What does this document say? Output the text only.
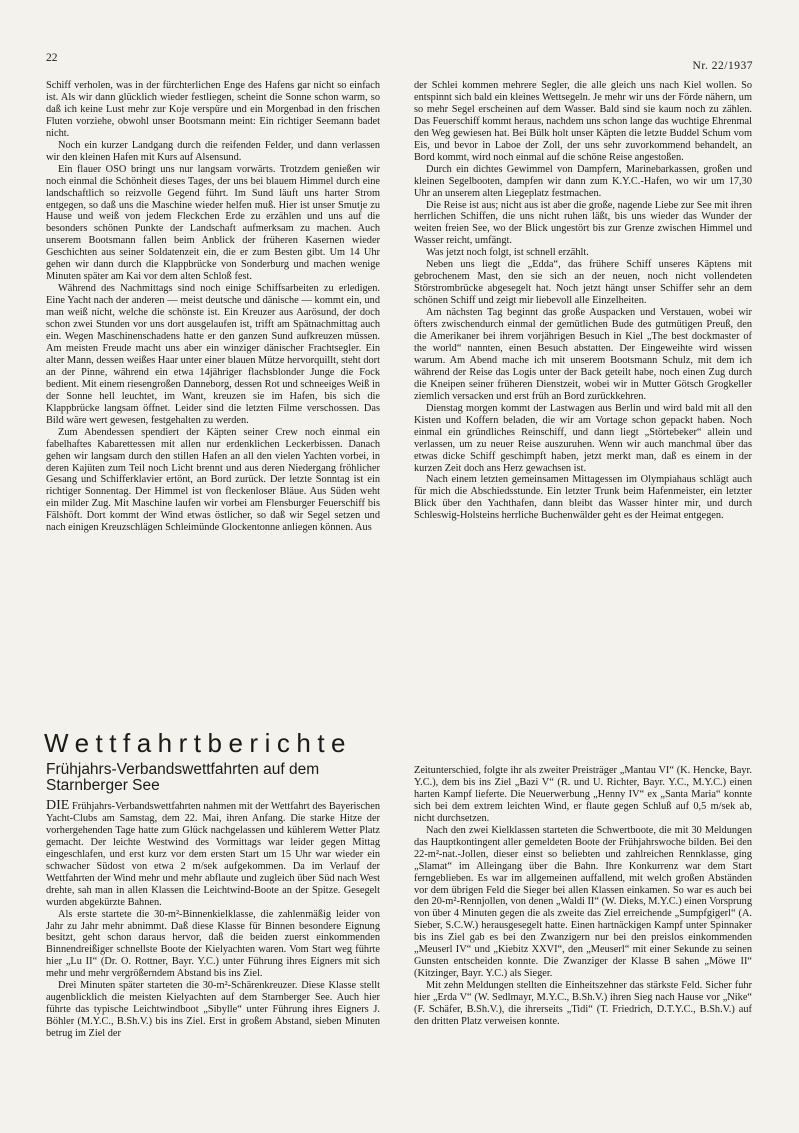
22
Nr. 22/1937

Schiff verholen, was in der fürchterlichen Enge des Hafens gar nicht so einfach ist. Als wir dann glücklich wieder festliegen, scheint die Sonne schon warm, so daß ich keine Lust mehr zur Koje verspüre und ein Morgenbad in den frischen Fluten vorziehe, obwohl unser Bootsmann meint: Ein richtiger Seemann badet nicht.

Noch ein kurzer Landgang durch die reifenden Felder, und dann verlassen wir den kleinen Hafen mit Kurs auf Alsensund.

Ein flauer OSO bringt uns nur langsam vorwärts. Trotzdem genießen wir noch einmal die Schönheit dieses Tages, der uns bei blauem Himmel durch eine landschaftlich so reizvolle Gegend führt. Im Sund läuft uns harter Strom entgegen, so daß uns die Maschine wieder helfen muß. Hier ist unser Smutje zu Hause und weiß von jedem Fleckchen Erde zu erzählen und uns auf die besonders schönen Punkte der Landschaft aufmerksam zu machen. Auch unserem Bootsmann fallen beim Anblick der früheren Kasernen wieder Geschichten aus seiner Soldatenzeit ein, die er zum Besten gibt. Um 14 Uhr gehen wir dann durch die Klappbrücke von Sonderburg und machen wenige Minuten später am Kai vor dem alten Schloß fest.

Während des Nachmittags sind noch einige Schiffsarbeiten zu erledigen. Eine Yacht nach der anderen — meist deutsche und dänische — kommt ein, und man weiß nicht, welche die schönste ist. Ein Kreuzer aus Aarösund, der doch schon zwei Stunden vor uns dort ausgelaufen ist, trifft am Spätnachmittag auch ein. Wegen Maschinenschadens hatte er den ganzen Sund aufkreuzen müssen. Am meisten Freude macht uns aber ein winziger dänischer Frachtsegler. Ein alter Mann, dessen weißes Haar unter einer blauen Mütze hervorquillt, steht dort an der Pinne, während ein etwa 14jähriger flachsblonder Junge die Fock bedient. Mit einem riesengroßen Danneborg, dessen Rot und schneeiges Weiß in der Sonne hell leuchtet, im Want, kreuzen sie im Hafen, bis sich die Klappbrücke langsam öffnet. Leider sind die letzten Filme verschossen. Das Bild wäre wert gewesen, festgehalten zu werden.

Zum Abendessen spendiert der Käpten seiner Crew noch einmal ein fabelhaftes Kabarettessen mit allen nur erdenklichen Leckerbissen. Danach gehen wir langsam durch den stillen Hafen an all den vielen Yachten vorbei, in deren Kajüten zum Teil noch Licht brennt und aus deren Niedergang fröhlicher Gesang und Schifferklavier ertönt, an Bord zurück. Der letzte Sonntag ist ein richtiger Sonnentag. Der Himmel ist von fleckenloser Bläue. Aus Süden weht ein milder Zug. Mit Maschine laufen wir vorbei am Flensburger Feuerschiff bis Fälshöft. Dort kommt der Wind etwas östlicher, so daß wir Segel setzen und nach einigen Kreuzschlägen Schleimünde Glockentonne anliegen können. Aus

der Schlei kommen mehrere Segler, die alle gleich uns nach Kiel wollen. So entspinnt sich bald ein kleines Wettsegeln. Je mehr wir uns der Förde nähern, um so mehr Segel erscheinen auf dem Wasser. Bald sind sie kaum noch zu zählen. Das Feuerschiff kommt heraus, nachdem uns schon lange das wuchtige Ehrenmal den Weg gewiesen hat. Bei Bülk holt unser Käpten die letzte Buddel Schum vom Eis, und bevor in Laboe der Zoll, der uns sehr zuvorkommend behandelt, an Bord kommt, wird noch einmal auf die schöne Reise angestoßen.

Durch ein dichtes Gewimmel von Dampfern, Marinebarkassen, großen und kleinen Segelbooten, dampfen wir dann zum K.Y.C.-Hafen, wo wir um 17,30 Uhr an unserem alten Liegeplatz festmachen.

Die Reise ist aus; nicht aus ist aber die große, nagende Liebe zur See mit ihren herrlichen Schiffen, die uns nicht ruhen läßt, bis uns wieder das Wunder der weiten freien See, wo der Blick ungestört bis zur Grenze zwischen Himmel und Wasser reicht, umfängt.

Was jetzt noch folgt, ist schnell erzählt.

Neben uns liegt die „Edda“, das frühere Schiff unseres Käptens mit gebrochenem Mast, den sie sich an der neuen, noch nicht vollendeten Störstrombrücke abgesegelt hat. Noch jetzt hängt unser Schiffer sehr an dem schönen Schiff und zeigt mir liebevoll alle Einzelheiten.

Am nächsten Tag beginnt das große Auspacken und Verstauen, wobei wir öfters zwischendurch einmal der gemütlichen Bude des gutmütigen Preuß, den die Amerikaner bei ihrem vorjährigen Besuch in Kiel „The best dockmaster of the world“ nannten, einen Besuch abstatten. Der Eingeweihte wird wissen warum. Am Abend mache ich mit unserem Bootsmann Schulz, mit dem ich während der Reise das Logis unter der Back geteilt habe, noch einen Zug durch die Kneipen seiner früheren Dienstzeit, wobei wir in Mutter Götsch Grogkeller ziemlich versacken und erst früh an Bord zurückkehren.

Dienstag morgen kommt der Lastwagen aus Berlin und wird bald mit all den Kisten und Koffern beladen, die wir am Vortage schon gepackt haben. Noch einmal ein gründliches Reinschiff, und dann liegt „Störtebeker“ allein und verlassen, um zu neuer Reise auszuruhen. Wenn wir auch manchmal über das etwas dicke Schiff geschimpft haben, jetzt merkt man, daß es einem in der kurzen Zeit doch ans Herz gewachsen ist.

Nach einem letzten gemeinsamen Mittagessen im Olympiahaus schlägt auch für mich die Abschiedsstunde. Ein letzter Trunk beim Hafenmeister, ein letzter Blick über den Yachthafen, dann bleibt das Wasser hinter mir, und durch Schleswig-Holsteins herrliche Buchenwälder geht es der Heimat entgegen.

Wettfahrtberichte
Frühjahrs-Verbandswettfahrten auf dem Starnberger See

DIE Frühjahrs-Verbandswettfahrten nahmen mit der Wettfahrt des Bayerischen Yacht-Clubs am Samstag, dem 22. Mai, ihren Anfang. Die starke Hitze der vorhergehenden Tage hatte zum Glück nachgelassen und kühlerem Wetter Platz gemacht. Der leichte Westwind des Vormittags war leider gegen Mittag eingeschlafen, und erst kurz vor dem ersten Start um 15 Uhr war wieder ein schwacher Südost von etwa 2 m/sek aufgekommen. Da im Verlauf der Wettfahrten der Wind mehr und mehr abflaute und zugleich über Süd nach West drehte, sah man in allen Klassen die Leichtwind-Boote an der Spitze. Gesegelt wurden abgekürzte Bahnen.

Als erste startete die 30-m²-Binnenkielklasse, die zahlenmäßig leider von Jahr zu Jahr mehr abnimmt. Daß diese Klasse für Binnen besondere Eignung besitzt, geht schon daraus hervor, daß die beiden zuerst einkommenden Binnendreißiger schnellste Boote der Kielyachten waren. Vom Start weg führte hier „Lu II“ (Dr. O. Rottner, Bayr. Y.C.) unter Führung ihres Eigners mit sich mehr und mehr vergrößerndem Abstand bis ins Ziel.

Drei Minuten später starteten die 30-m²-Schärenkreuzer. Diese Klasse stellt augenblicklich die meisten Kielyachten auf dem Starnberger See. Auch hier führte das typische Leichtwindboot „Sibylle“ unter Führung ihres Eigners J. Böhler (M.Y.C., B.Sh.V.) bis ins Ziel. Erst in großem Abstand, sieben Minuten betrug im Ziel der

Zeitunterschied, folgte ihr als zweiter Preisträger „Mantau VI“ (K. Hencke, Bayr. Y.C.), dem bis ins Ziel „Bazi V“ (R. und U. Richter, Bayr. Y.C., M.Y.C.) einen harten Kampf lieferte. Die Neuerwerbung „Henny IV“ ex „Santa Maria“ konnte sich bei dem extrem leichten Wind, er flaute gegen Schluß auf 0,5 m/sek ab, nicht durchsetzen.

Nach den zwei Kielklassen starteten die Schwertboote, die mit 30 Meldungen das Hauptkontingent aller gemeldeten Boote der Frühjahrswoche bilden. Bei den 22-m²-nat.-Jollen, dieser einst so beliebten und zahlreichen Rennklasse, ging „Slamat“ im Alleingang über die Bahn. Ihre Konkurrenz war dem Start ferngeblieben. Es war im allgemeinen auffallend, mit welch großen Abständen vor dem übrigen Feld die Sieger bei allen Klassen einkamen. So war es auch bei den 20-m²-Rennjollen, von denen „Waldi II“ (W. Dieks, M.Y.C.) einen Vorsprung von über 4 Minuten gegen die als zweite das Ziel erreichende „Sumpfgigerl“ (A. Sieber, S.C.W.) herausgesegelt hatte. Einen hartnäckigen Kampf unter Spinnaker bis ins Ziel gab es bei den Zwanzigern nur bei den preislos einkommenden „Meuserl IV“ und „Kiebitz XXVI“, den „Meuserl“ mit einer Sekunde zu seinen Gunsten entscheiden konnte. Die Zwanziger der Klasse B sahen „Möwe II“ (Kitzinger, Bayr. Y.C.) als Sieger.

Mit zehn Meldungen stellten die Einheitszehner das stärkste Feld. Sicher fuhr hier „Erda V“ (W. Sedlmayr, M.Y.C., B.Sh.V.) ihren Sieg nach Hause vor „Nike“ (F. Schäfer, B.Sh.V.), die ihrerseits „Tidi“ (T. Friedrich, D.T.Y.C., B.Sh.V.) auf den dritten Platz verweisen konnte.
